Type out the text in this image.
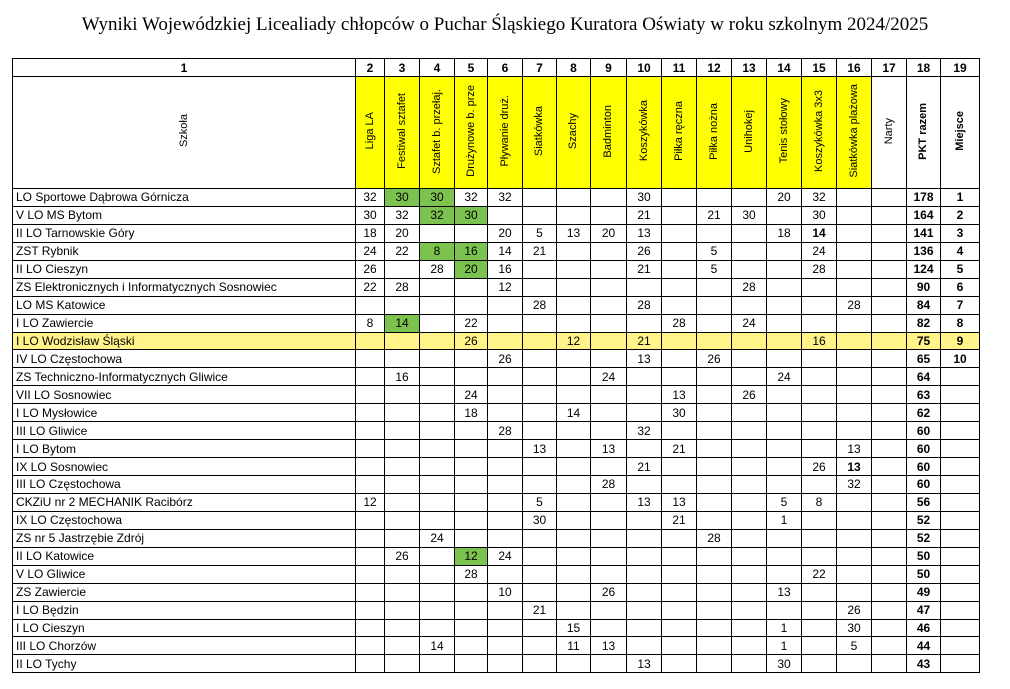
Wyniki Wojewódzkiej Licealiady chłopców o Puchar Śląskiego Kuratora Oświaty w roku szkolnym 2024/2025
1	2	3	4	5	6	7	8	9	10	11	12	13	14	15	16	17	18	19
Szkoła	Liga LA	Festiwal sztafet	Sztafet b. przełaj.	Drużynowe b. prze	Pływanie druż.	Siatkówka	Szachy	Badminton	Koszykówka	Piłka ręczna	Piłka nożna	Unihokej	Tenis stołowy	Koszykówka 3x3	Siatkówka plażowa	Narty	PKT razem	Miejsce
LO Sportowe Dąbrowa Górnicza	32	30	30	32	32				30				20	32			178	1
V LO MS Bytom	30	32	32	30					21		21	30		30			164	2
II LO Tarnowskie Góry	18	20			20	5	13	20	13				18	14			141	3
ZST Rybnik	24	22	8	16	14	21			26		5			24			136	4
II LO Cieszyn	26		28	20	16				21		5			28			124	5
ZS Elektronicznych i Informatycznych Sosnowiec	22	28			12							28					90	6
LO MS Katowice						28			28						28		84	7
I LO Zawiercie	8	14		22						28		24					82	8
I LO Wodzisław Śląski				26			12		21					16			75	9
IV LO Częstochowa					26				13		26						65	10
ZS Techniczno-Informatycznych Gliwice		16						24					24				64	
VII LO Sosnowiec				24						13		26					63	
I LO Mysłowice				18			14			30							62	
III LO Gliwice					28				32								60	
I LO Bytom						13		13		21					13		60	
IX LO Sosnowiec									21					26	13		60	
III LO Częstochowa								28							32		60	
CKZiU nr 2 MECHANIK Racibórz	12					5			13	13			5	8			56	
IX LO Częstochowa						30				21			1				52	
ZS nr 5 Jastrzębie Zdrój			24								28						52	
II LO Katowice		26		12	24												50	
V LO Gliwice				28										22			50	
ZS Zawiercie					10			26					13				49	
I LO Będzin						21									26		47	
I LO Cieszyn							15						1		30		46	
III LO Chorzów			14				11	13					1		5		44	
II LO Tychy									13				30				43	
